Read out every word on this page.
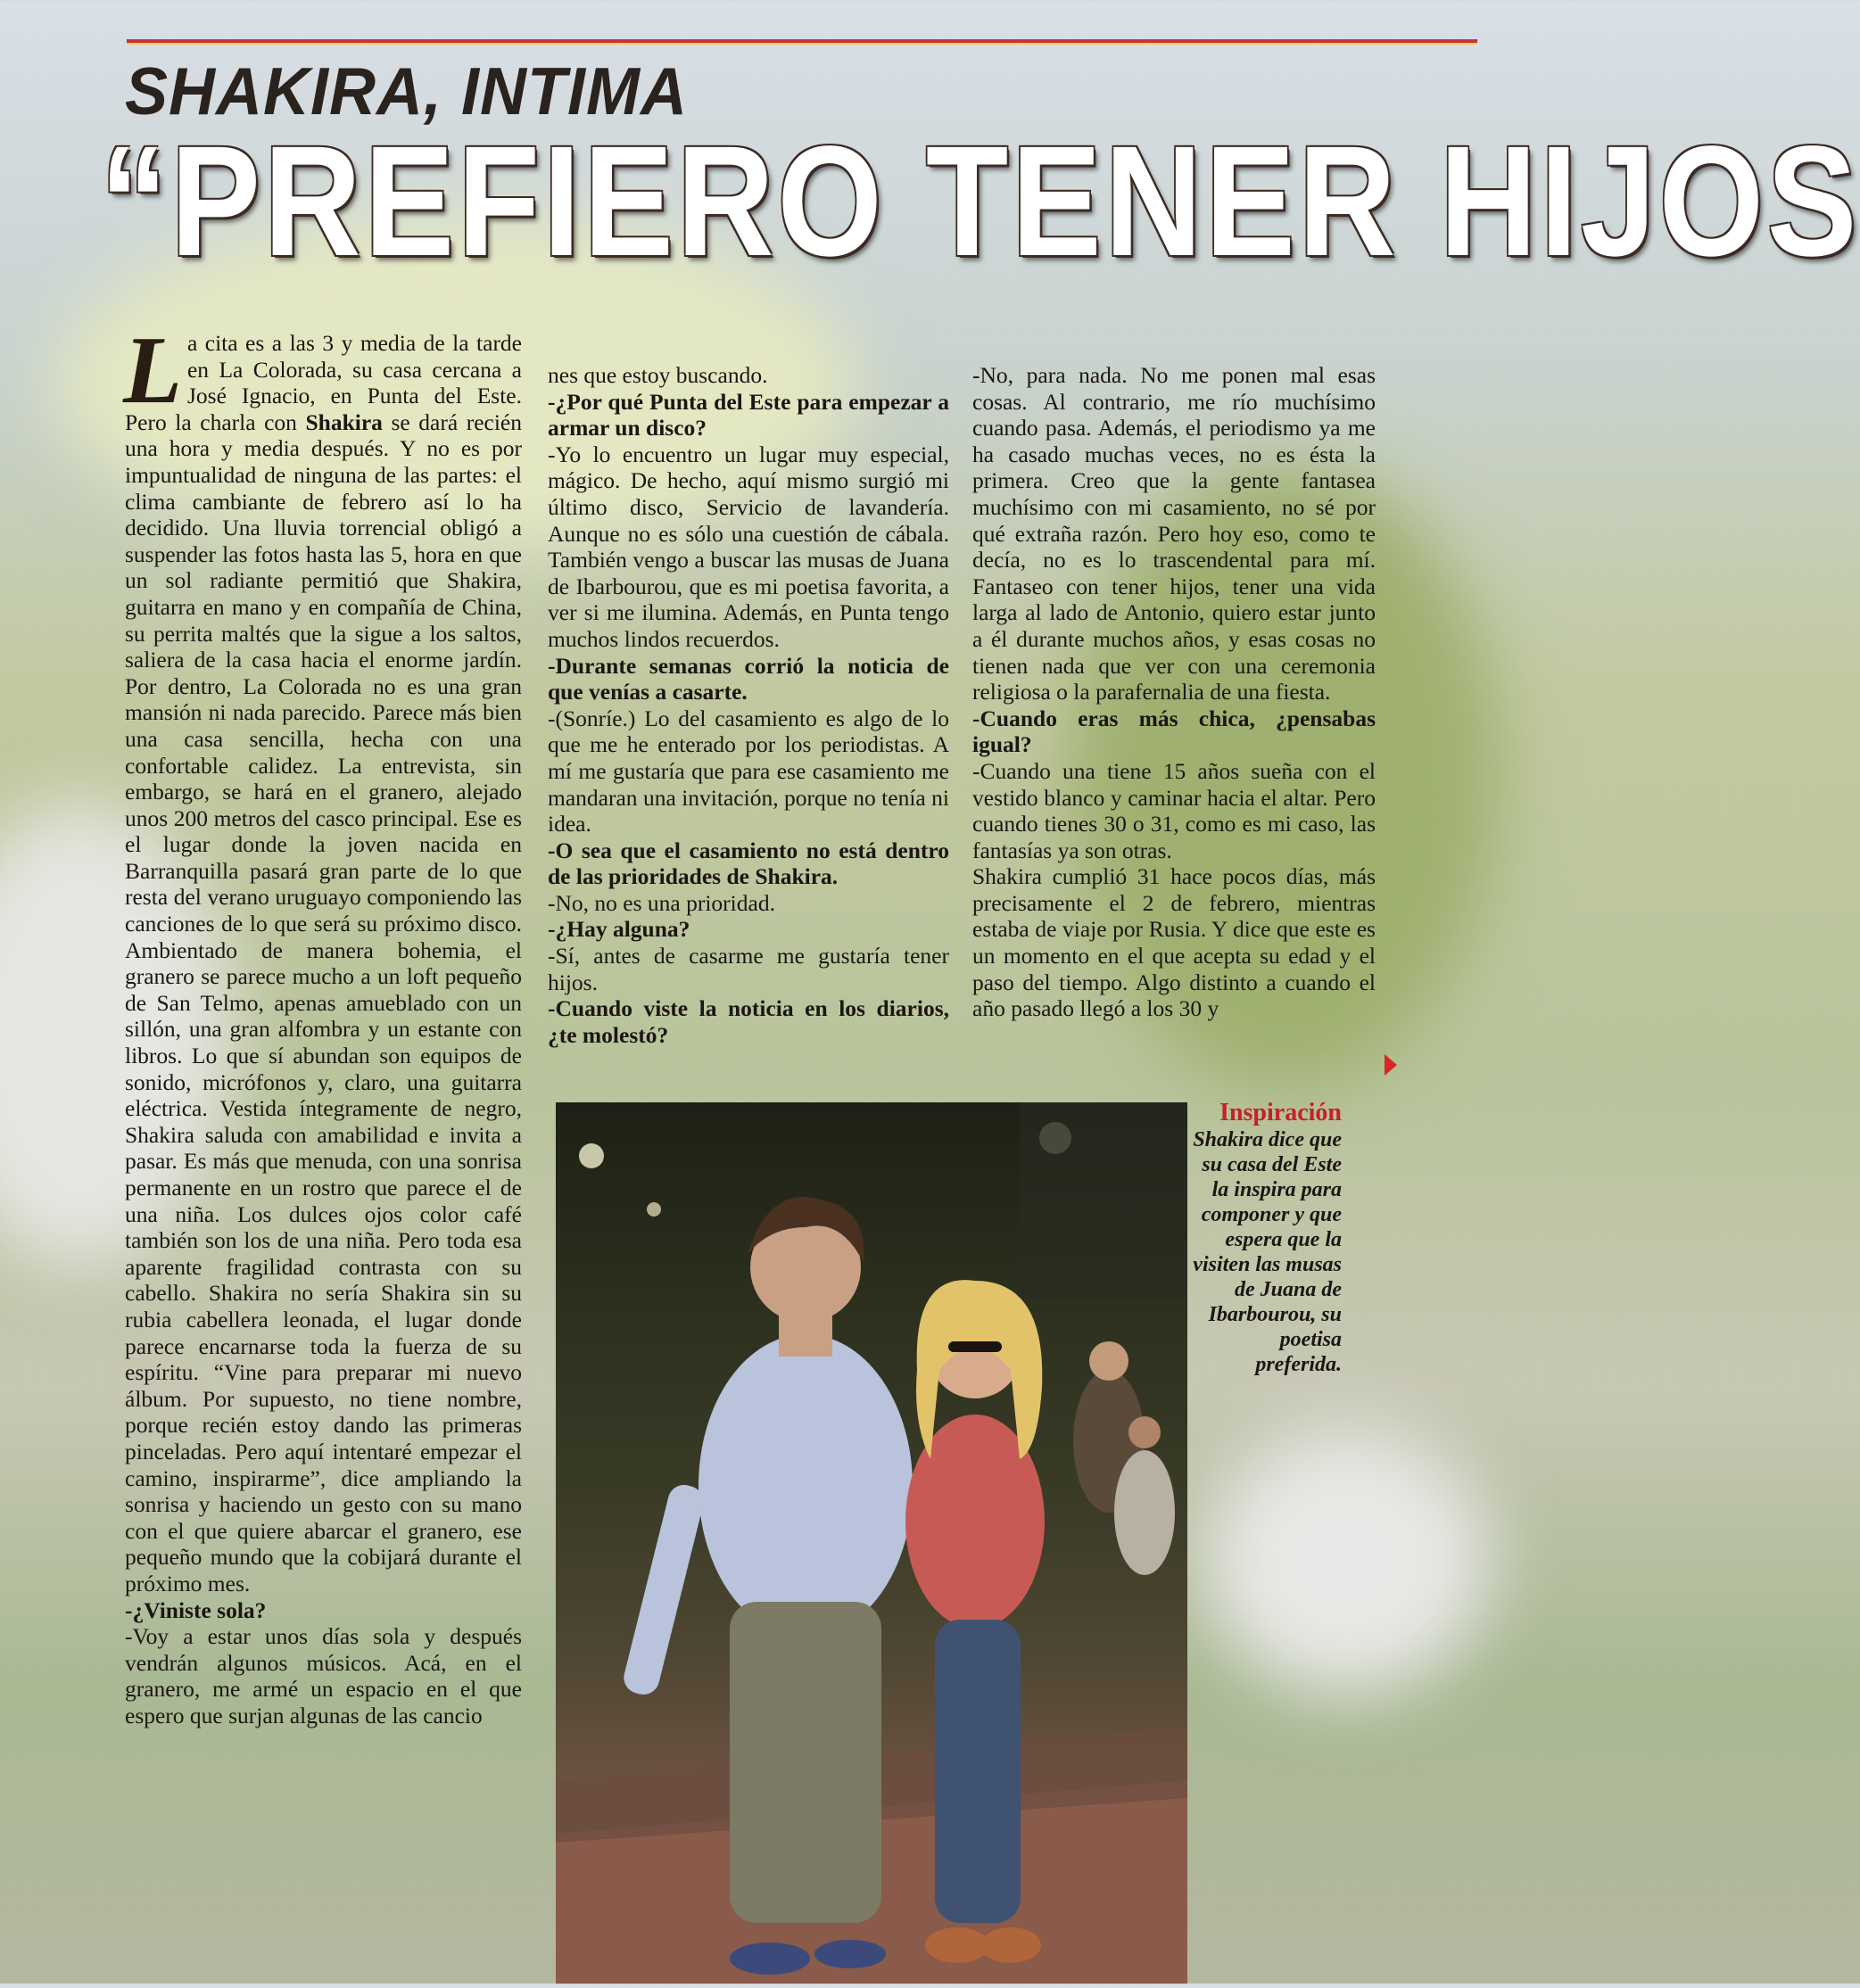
SHAKIRA, INTIMA
“PREFIERO TENER HIJOS
L a cita es a las 3 y media de la tarde en La Colorada, su casa cercana a José Ignacio, en Punta del Este. Pero la charla con Shakira se dará recién una hora y media después. Y no es por impuntualidad de ninguna de las partes: el clima cambiante de febrero así lo ha decidido. Una lluvia torrencial obligó a suspender las fotos hasta las 5, hora en que un sol radiante permitió que Shakira, guitarra en mano y en compañía de China, su perrita maltés que la sigue a los saltos, saliera de la casa hacia el enorme jardín. Por dentro, La Colorada no es una gran mansión ni nada parecido. Parece más bien una casa sencilla, hecha con una confortable calidez. La entrevista, sin embargo, se hará en el granero, alejado unos 200 metros del casco principal. Ese es el lugar donde la joven nacida en Barranquilla pasará gran parte de lo que resta del verano uruguayo componiendo las canciones de lo que será su próximo disco. Ambientado de manera bohemia, el granero se parece mucho a un loft pequeño de San Telmo, apenas amueblado con un sillón, una gran alfombra y un estante con libros. Lo que sí abundan son equipos de sonido, micrófonos y, claro, una guitarra eléctrica. Vestida íntegramente de negro, Shakira saluda con amabilidad e invita a pasar. Es más que menuda, con una sonrisa permanente en un rostro que parece el de una niña. Los dulces ojos color café también son los de una niña. Pero toda esa aparente fragilidad contrasta con su cabello. Shakira no sería Shakira sin su rubia cabellera leonada, el lugar donde parece encarnarse toda la fuerza de su espíritu. “Vine para preparar mi nuevo álbum. Por supuesto, no tiene nombre, porque recién estoy dando las primeras pinceladas. Pero aquí intentaré empezar el camino, inspirarme”, dice ampliando la sonrisa y haciendo un gesto con su mano con el que quiere abarcar el granero, ese pequeño mundo que la cobijará durante el próximo mes.

-¿Viniste sola?

-Voy a estar unos días sola y después vendrán algunos músicos. Acá, en el granero, me armé un espacio en el que espero que surjan algunas de las cancio

nes que estoy buscando.

-¿Por qué Punta del Este para empezar a armar un disco?

-Yo lo encuentro un lugar muy especial, mágico. De hecho, aquí mismo surgió mi último disco, Servicio de lavandería. Aunque no es sólo una cuestión de cábala. También vengo a buscar las musas de Juana de Ibarbourou, que es mi poetisa favorita, a ver si me ilumina. Además, en Punta tengo muchos lindos recuerdos.

-Durante semanas corrió la noticia de que venías a casarte.

-(Sonríe.) Lo del casamiento es algo de lo que me he enterado por los periodistas. A mí me gustaría que para ese casamiento me mandaran una invitación, porque no tenía ni idea.

-O sea que el casamiento no está dentro de las prioridades de Shakira.

-No, no es una prioridad.

-¿Hay alguna?

-Sí, antes de casarme me gustaría tener hijos.

-Cuando viste la noticia en los diarios, ¿te molestó?

-No, para nada. No me ponen mal esas cosas. Al contrario, me río muchísimo cuando pasa. Además, el periodismo ya me ha casado muchas veces, no es ésta la primera. Creo que la gente fantasea muchísimo con mi casamiento, no sé por qué extraña razón. Pero hoy eso, como te decía, no es lo trascendental para mí. Fantaseo con tener hijos, tener una vida larga al lado de Antonio, quiero estar junto a él durante muchos años, y esas cosas no tienen nada que ver con una ceremonia religiosa o la parafernalia de una fiesta.

-Cuando eras más chica, ¿pensabas igual?

-Cuando una tiene 15 años sueña con el vestido blanco y caminar hacia el altar. Pero cuando tienes 30 o 31, como es mi caso, las fantasías ya son otras.

Shakira cumplió 31 hace pocos días, más precisamente el 2 de febrero, mientras estaba de viaje por Rusia. Y dice que este es un momento en el que acepta su edad y el paso del tiempo. Algo distinto a cuando el año pasado llegó a los 30 y

Inspiración
Shakira dice que su casa del Este la inspira para componer y que espera que la visiten las musas de Juana de Ibarbourou, su poetisa preferida.
